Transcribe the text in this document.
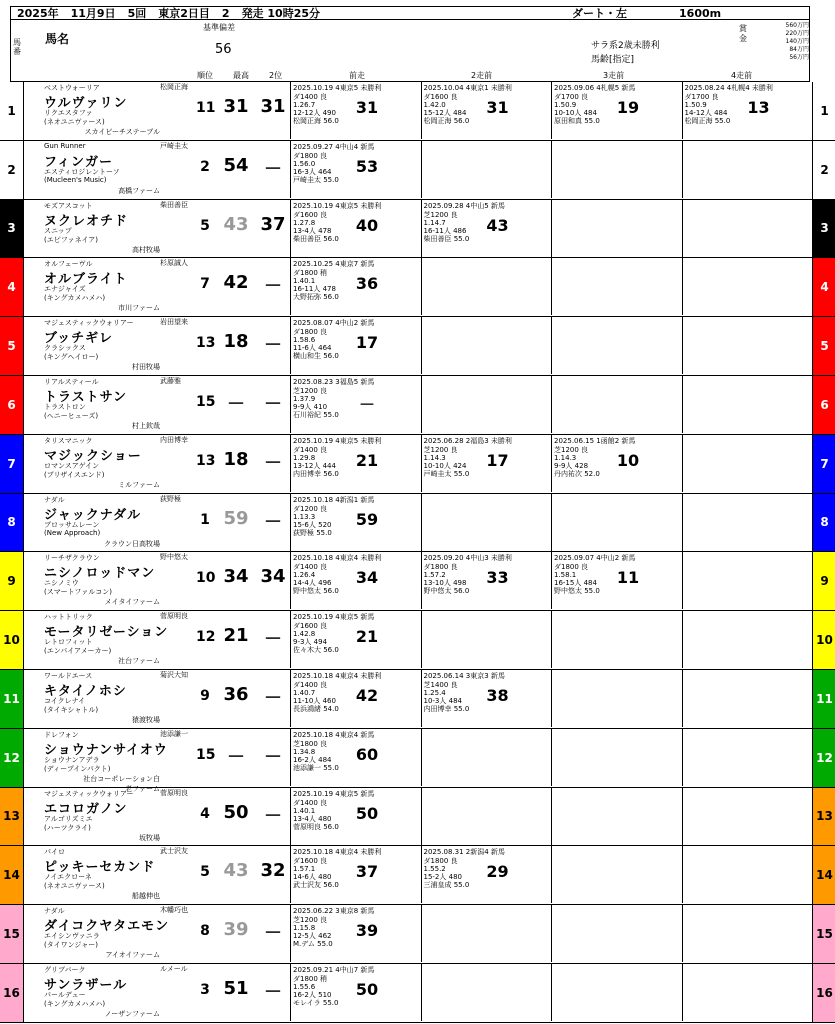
2025年	11月9日	5回	東京2日目	2	発走 10時25分	ダート・左	1600m
馬番
馬名
基準偏差
56
順位	最高	2位	前走	2走前	3走前	4走前
サラ系2歳未勝利
馬齢[指定]
賞金
560万円
220万円
140万円
84万円
56万円
1	1
ベストウォーリア
ウルヴァリン
リクエスタファ
(ネオユニヴァース)
スカイビーチステーブル
松岡正海
11 31 31
2025.10.19 4東京5 未勝利
ダ1400 良
1.26.7
12-12人 490
松岡正海 56.0
31
2025.10.04 4東京1 未勝利
ダ1600 良
1.42.0
15-12人 484
松岡正海 56.0
31
2025.09.06 4札幌5 新馬
ダ1700 良
1.50.9
10-10人 484
原田和真 55.0
19
2025.08.24 4札幌4 未勝利
ダ1700 良
1.50.9
14-12人 484
松岡正海 55.0
13
2	2
Gun Runner
フィンガー
エスティロジレントーソ
(Mucleen's Music)
高橋ファーム
戸崎圭太
2 54 －
2025.09.27 4中山4 新馬
ダ1800 良
1.56.0
16-3人 464
戸崎圭太 55.0
53
3	3
モズアスコット
ヌクレオチド
スニップ
(エピファネイア)
高村牧場
柴田善臣
5 43 37
2025.10.19 4東京5 未勝利
ダ1600 良
1.27.8
13-4人 478
柴田善臣 56.0
40
2025.09.28 4中山5 新馬
芝1200 良
1.14.7
16-11人 486
柴田善臣 55.0
43
4	4
オルフェーヴル
オルブライト
エナジャイズ
(キングカメハメハ)
市川ファーム
杉原誠人
7 42 －
2025.10.25 4東京7 新馬
ダ1800 稍
1.40.1
16-11人 478
大野拓弥 56.0
36
5	5
マジェスティックウォリアー
ブッチギレ
クラシックス
(キングヘイロー)
村田牧場
岩田望来
13 18 －
2025.08.07 4中山2 新馬
ダ1800 良
1.58.6
11-6人 464
横山和生 56.0
17
6	6
リアルスティール
トラストサン
トラストロン
(ヘニーヒューズ)
村上欽哉
武藤雅
15 －	－
2025.08.23 3福島5 新馬
芝1200 良
1.37.9
9-9人 410
石川裕紀 55.0
－
7	7
タリスマニック
マジックショー
ロマンスアゲイン
(ブリザイスエンド)
ミルファーム
内田博幸
13 18 －
2025.10.19 4東京5 未勝利
ダ1400 良
1.29.8
13-12人 444
内田博幸 56.0
21
2025.06.28 2福島3 未勝利
芝1200 良
1.14.3
10-10人 424
戸崎圭太 55.0
17
2025.06.15 1函館2 新馬
芝1200 良
1.14.3
9-9人 428
丹内祐次 52.0
10
8	8
ナダル
ジャックナダル
ブロッサムレーン
(New Approach)
クラウン日高牧場
荻野極
1 59 －
2025.10.18 4新潟1 新馬
ダ1200 良
1.13.3
15-6人 520
荻野極 55.0
59
9	9
リーチザクラウン
ニシノロッドマン
ニシノミウ
(スマートファルコン)
メイタイファーム
野中悠太
10 34 34
2025.10.18 4東京4 未勝利
ダ1400 良
1.26.4
14-4人 496
野中悠太 56.0
34
2025.09.20 4中山3 未勝利
ダ1800 良
1.57.2
13-10人 498
野中悠太 56.0
33
2025.09.07 4中山2 新馬
ダ1800 良
1.58.1
16-15人 484
野中悠太 55.0
11
10	10
ハットトリック
モータリゼーション
レトロフィット
(エンパイアメーカー)
社台ファーム
菅原明良
12 21 －
2025.10.19 4東京5 新馬
ダ1600 良
1.42.8
9-3人 494
佐々木大 56.0
21
11	11
ワールドエース
キタイノホシ
コイクレナイ
(タイキシャトル)
猿渡牧場
菊沢大知
9 36 －
2025.10.18 4東京4 未勝利
ダ1400 良
1.40.7
11-10人 460
長浜鴻緒 54.0
42
2025.06.14 3東京3 新馬
芝1400 良
1.25.4
10-3人 484
内田博幸 55.0
38
12	12
ドレフォン
ショウナンサイオウ
ショウナンアデラ
(ディープインパクト)
社台コーポレーション白老ファーム
池添謙一
15 －	－
2025.10.18 4東京4 新馬
芝1800 良
1.34.8
16-2人 484
池添謙一 55.0
60
13	13
マジェスティックウォリアー
エコロガノン
アルゴリズミエ
(ハーツクライ)
坂牧場
菅原明良
4 50 －
2025.10.19 4東京5 新馬
ダ1400 良
1.40.1
13-4人 480
菅原明良 56.0
50
14	14
パイロ
ピッキーセカンド
ノイエクローネ
(ネオユニヴァース)
船越伸也
武士沢友
5 43 32
2025.10.18 4東京4 未勝利
ダ1600 良
1.57.1
14-6人 480
武士沢友 56.0
37
2025.08.31 2新潟4 新馬
ダ1800 良
1.55.2
15-2人 480
三浦皇成 55.0
29
15	15
ナダル
ダイコクヤタエモン
エイシンヴァニラ
(タイワンジャー)
アイオイファーム
木幡巧也
8 39 －
2025.06.22 3東京8 新馬
芝1200 良
1.15.8
12-5人 462
M.デム 55.0
39
16	16
グリブバーク
サンラザール
パールデュー
(キングカメハメハ)
ノーザンファーム
ルメール
3 51 －
2025.09.21 4中山7 新馬
ダ1800 稍
1.55.6
16-2人 510
モレイラ 55.0
50
